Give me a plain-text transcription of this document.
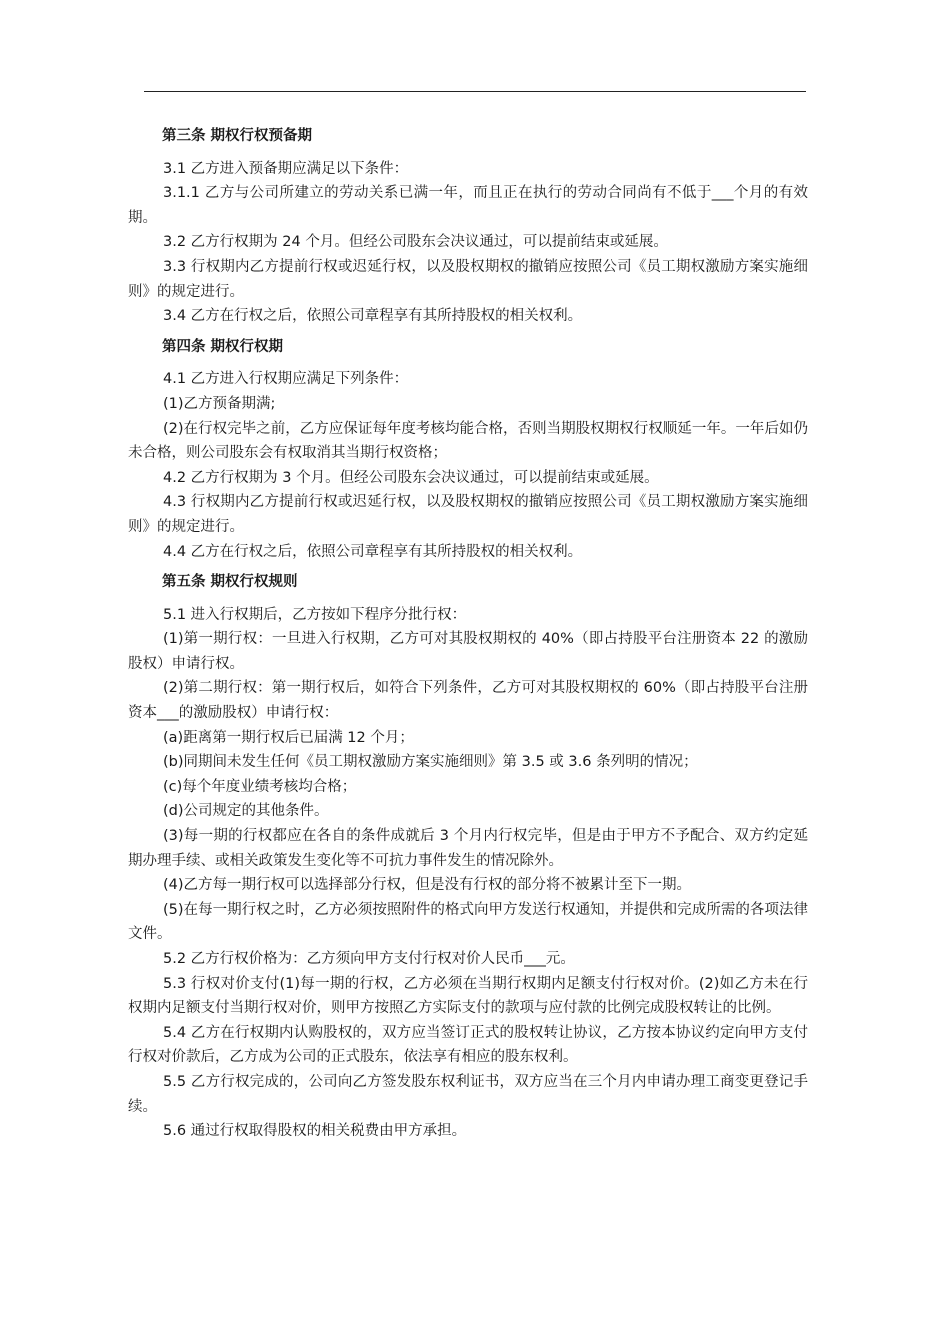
第三条 期权行权预备期

3.1 乙方进入预备期应满足以下条件：

3.1.1 乙方与公司所建立的劳动关系已满一年，而且正在执行的劳动合同尚有不低于___个月的有效期。

3.2 乙方行权期为 24 个月。但经公司股东会决议通过，可以提前结束或延展。

3.3 行权期内乙方提前行权或迟延行权，以及股权期权的撤销应按照公司《员工期权激励方案实施细则》的规定进行。

3.4 乙方在行权之后，依照公司章程享有其所持股权的相关权利。

第四条 期权行权期

4.1 乙方进入行权期应满足下列条件：

(1)乙方预备期满;

(2)在行权完毕之前，乙方应保证每年度考核均能合格，否则当期股权期权行权顺延一年。一年后如仍未合格，则公司股东会有权取消其当期行权资格；

4.2 乙方行权期为 3 个月。但经公司股东会决议通过，可以提前结束或延展。

4.3 行权期内乙方提前行权或迟延行权，以及股权期权的撤销应按照公司《员工期权激励方案实施细则》的规定进行。

4.4 乙方在行权之后，依照公司章程享有其所持股权的相关权利。

第五条 期权行权规则

5.1 进入行权期后，乙方按如下程序分批行权：

(1)第一期行权：一旦进入行权期，乙方可对其股权期权的 40%（即占持股平台注册资本 22 的激励股权）申请行权。

(2)第二期行权：第一期行权后，如符合下列条件，乙方可对其股权期权的 60%（即占持股平台注册资本___的激励股权）申请行权：

(a)距离第一期行权后已届满 12 个月；

(b)同期间未发生任何《员工期权激励方案实施细则》第 3.5 或 3.6 条列明的情况；

(c)每个年度业绩考核均合格；

(d)公司规定的其他条件。

(3)每一期的行权都应在各自的条件成就后 3 个月内行权完毕，但是由于甲方不予配合、双方约定延期办理手续、或相关政策发生变化等不可抗力事件发生的情况除外。

(4)乙方每一期行权可以选择部分行权，但是没有行权的部分将不被累计至下一期。

(5)在每一期行权之时，乙方必须按照附件的格式向甲方发送行权通知，并提供和完成所需的各项法律文件。

5.2 乙方行权价格为：乙方须向甲方支付行权对价人民币___元。

5.3 行权对价支付(1)每一期的行权，乙方必须在当期行权期内足额支付行权对价。(2)如乙方未在行权期内足额支付当期行权对价，则甲方按照乙方实际支付的款项与应付款的比例完成股权转让的比例。

5.4 乙方在行权期内认购股权的，双方应当签订正式的股权转让协议，乙方按本协议约定向甲方支付行权对价款后，乙方成为公司的正式股东，依法享有相应的股东权利。

5.5 乙方行权完成的，公司向乙方签发股东权利证书，双方应当在三个月内申请办理工商变更登记手续。

5.6 通过行权取得股权的相关税费由甲方承担。
